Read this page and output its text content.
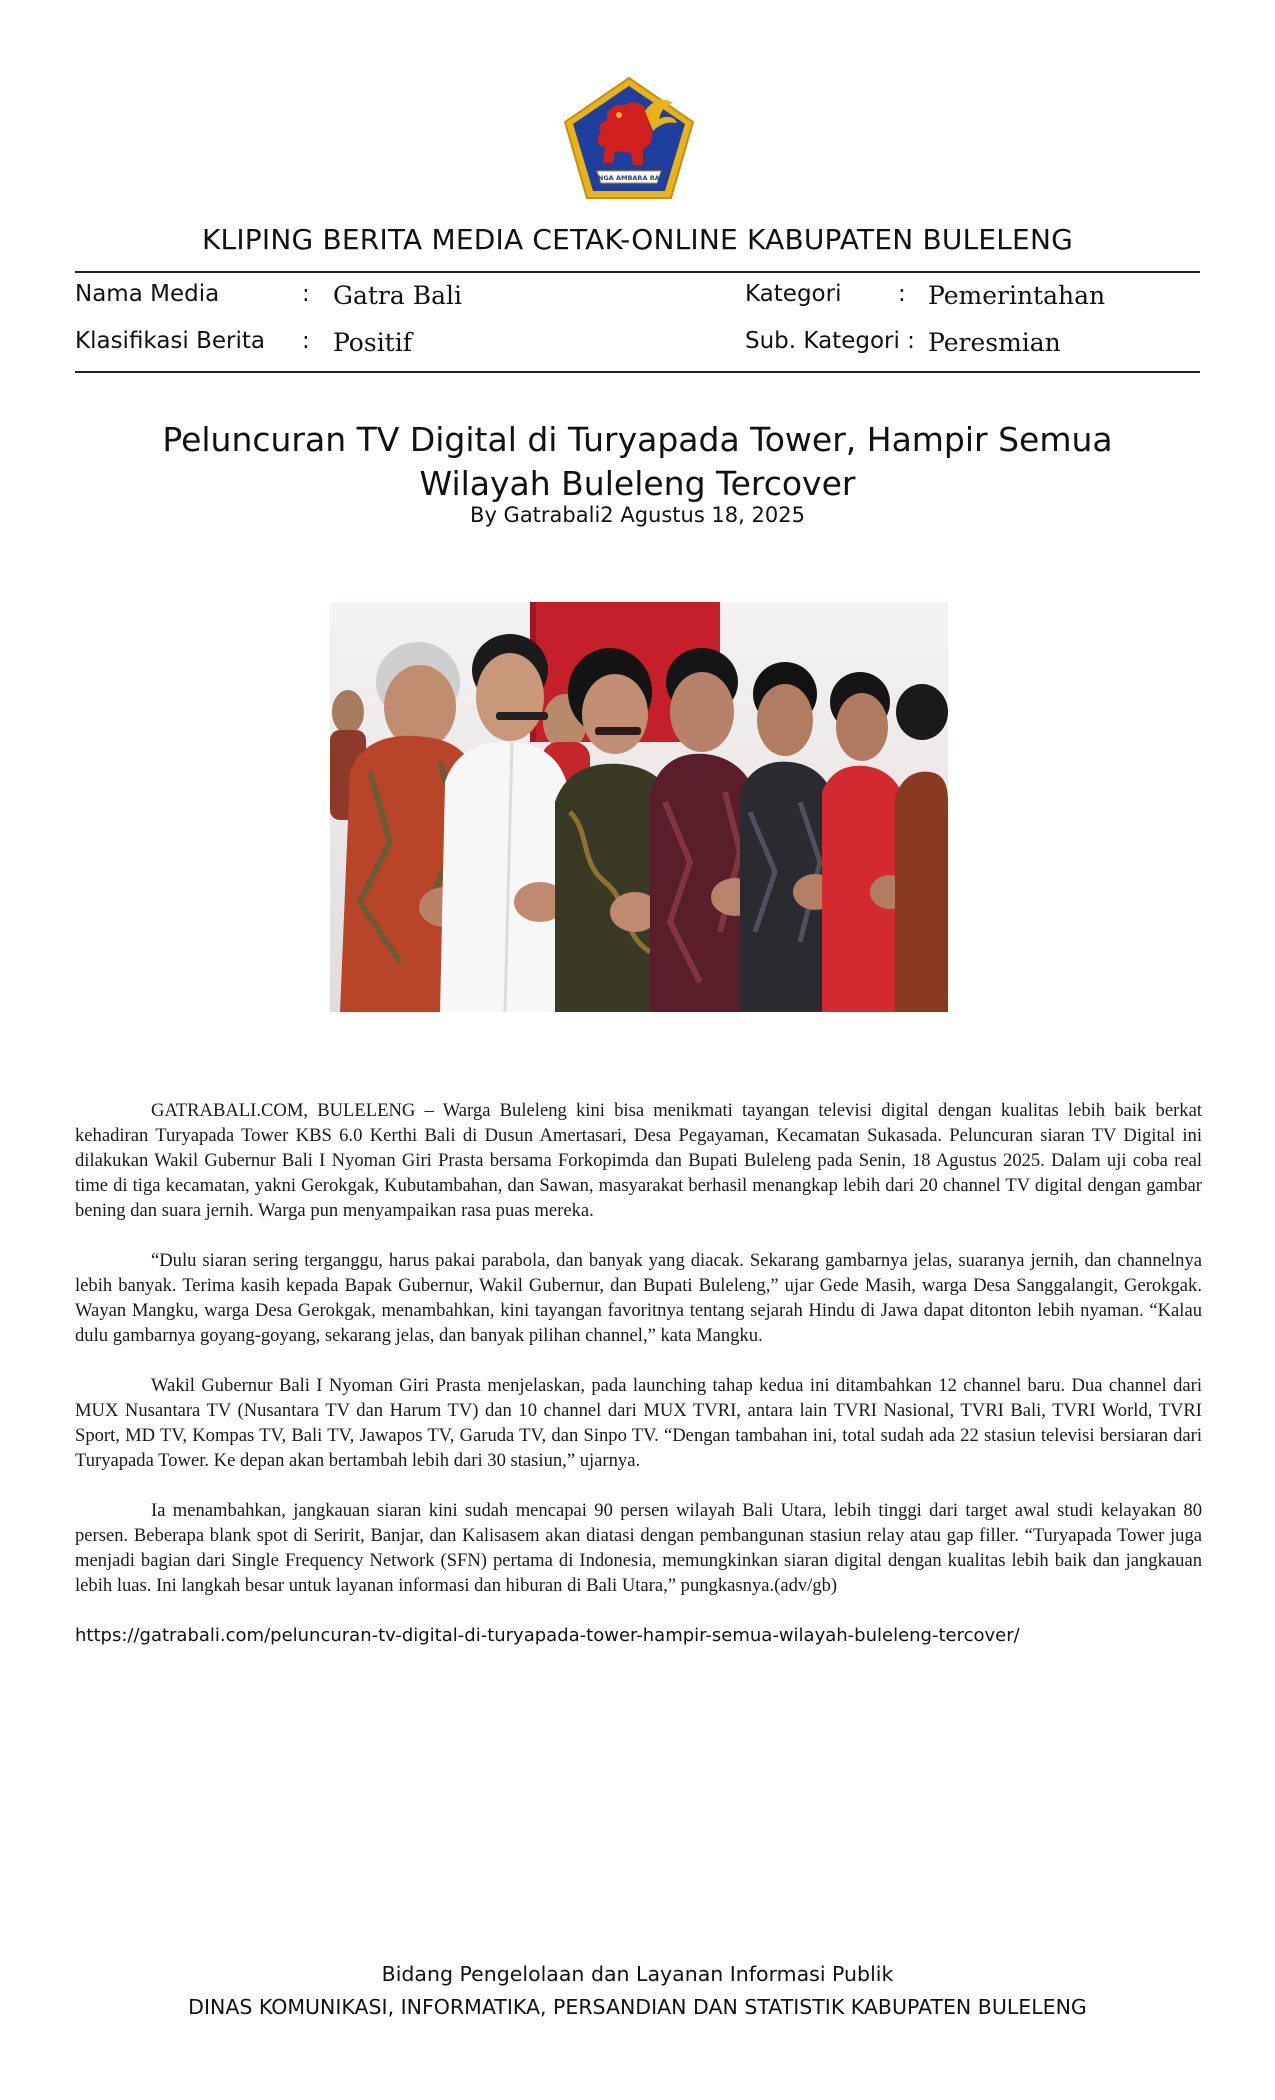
SINGA AMBARA RAJA
KLIPING BERITA MEDIA CETAK-ONLINE KABUPATEN BULELENG
Nama Media	: Gatra Bali
Klasifikasi Berita : Positif
Kategori : Pemerintahan
Sub. Kategori : Peresmian
Peluncuran TV Digital di Turyapada Tower, Hampir Semua
Wilayah Buleleng Tercover
By Gatrabali2 Agustus 18, 2025

GATRABALI.COM, BULELENG – Warga Buleleng kini bisa menikmati tayangan televisi digital dengan kualitas lebih baik berkat kehadiran Turyapada Tower KBS 6.0 Kerthi Bali di Dusun Amertasari, Desa Pegayaman, Kecamatan Sukasada. Peluncuran siaran TV Digital ini dilakukan Wakil Gubernur Bali I Nyoman Giri Prasta bersama Forkopimda dan Bupati Buleleng pada Senin, 18 Agustus 2025. Dalam uji coba real time di tiga kecamatan, yakni Gerokgak, Kubutambahan, dan Sawan, masyarakat berhasil menangkap lebih dari 20 channel TV digital dengan gambar bening dan suara jernih. Warga pun menyampaikan rasa puas mereka.

“Dulu siaran sering terganggu, harus pakai parabola, dan banyak yang diacak. Sekarang gambarnya jelas, suaranya jernih, dan channelnya lebih banyak. Terima kasih kepada Bapak Gubernur, Wakil Gubernur, dan Bupati Buleleng,” ujar Gede Masih, warga Desa Sanggalangit, Gerokgak. Wayan Mangku, warga Desa Gerokgak, menambahkan, kini tayangan favoritnya tentang sejarah Hindu di Jawa dapat ditonton lebih nyaman. “Kalau dulu gambarnya goyang-goyang, sekarang jelas, dan banyak pilihan channel,” kata Mangku.

Wakil Gubernur Bali I Nyoman Giri Prasta menjelaskan, pada launching tahap kedua ini ditambahkan 12 channel baru. Dua channel dari MUX Nusantara TV (Nusantara TV dan Harum TV) dan 10 channel dari MUX TVRI, antara lain TVRI Nasional, TVRI Bali, TVRI World, TVRI Sport, MD TV, Kompas TV, Bali TV, Jawapos TV, Garuda TV, dan Sinpo TV. “Dengan tambahan ini, total sudah ada 22 stasiun televisi bersiaran dari Turyapada Tower. Ke depan akan bertambah lebih dari 30 stasiun,” ujarnya.

Ia menambahkan, jangkauan siaran kini sudah mencapai 90 persen wilayah Bali Utara, lebih tinggi dari target awal studi kelayakan 80 persen. Beberapa blank spot di Seririt, Banjar, dan Kalisasem akan diatasi dengan pembangunan stasiun relay atau gap filler. “Turyapada Tower juga menjadi bagian dari Single Frequency Network (SFN) pertama di Indonesia, memungkinkan siaran digital dengan kualitas lebih baik dan jangkauan lebih luas. Ini langkah besar untuk layanan informasi dan hiburan di Bali Utara,” pungkasnya.(adv/gb)

https://gatrabali.com/peluncuran-tv-digital-di-turyapada-tower-hampir-semua-wilayah-buleleng-tercover/
Bidang Pengelolaan dan Layanan Informasi Publik
DINAS KOMUNIKASI, INFORMATIKA, PERSANDIAN DAN STATISTIK KABUPATEN BULELENG
